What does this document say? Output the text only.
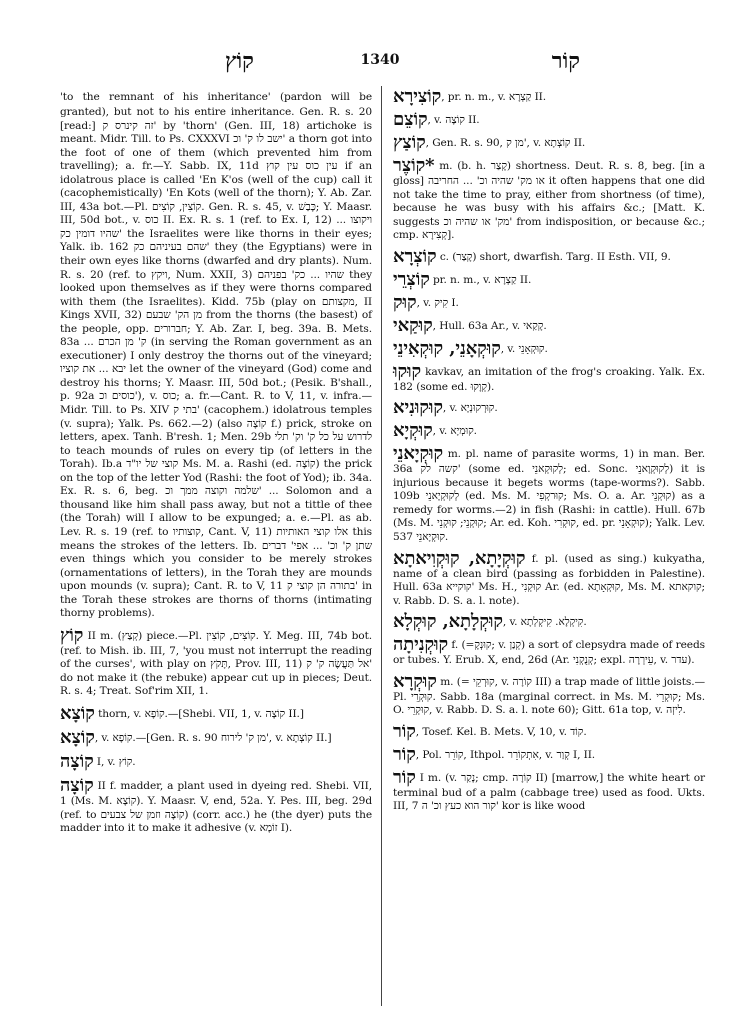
קוֹץ	1340	קוֹר

'to the remnant of his inheritance' (pardon will be granted), but not to his entire inheritance. Gen. R. s. 20 [read:] זה קינרס ק' by 'thorn' (Gen. III, 18) artichoke is meant. Midr. Till. to Ps. CXXXVI ישב לו ק' וכ' a thorn got into the foot of one of them (which prevented him from travelling); a. fr.—Y. Sabb. IX, 11d עין כוס עין קוץ if an idolatrous place is called 'En K'os (well of the cup) call it (cacophemistically) 'En Kots (well of the thorn); Y. Ab. Zar. III, 43a bot.—Pl. קוֹצִין, קוֹצִים. Gen. R. s. 45, v. כָּבַשׁ; Y. Maasr. III, 50d bot., v. כוס II. Ex. R. s. 1 (ref. to Ex. I, 12) ויקוצו ... שהיו דומין כק' the Israelites were like thorns in their eyes; Yalk. ib. 162 שהם בעיניהם כק' they (the Egyptians) were in their own eyes like thorns (dwarfed and dry plants). Num. R. s. 20 (ref. to ויקץ, Num. XXII, 3) שהיו ... כק' בפניהם they looked upon themselves as if they were thorns compared with them (the Israelites). Kidd. 75b (play on מקצותם, II Kings XVII, 32) מן הק' שבעם from the thorns (the basest) of the people, opp. חברורים; Y. Ab. Zar. I, beg. 39a. B. Mets. 83a ... ק' מן הכרם (in serving the Roman government as an executioner) I only destroy the thorns out of the vineyard; יבא ... את קוציו let the owner of the vineyard (God) come and destroy his thorns; Y. Maasr. III, 50d bot.; (Pesik. B'shall., p. 92a כוסים וכ'), v. כוס; a. fr.—Cant. R. to V, 11, v. infra.—Midr. Till. to Ps. XIV בתי ק' (cacophem.) idolatrous temples (v. supra); Yalk. Ps. 662.—2) (also קוֹצָה f.) prick, stroke on letters, apex. Tanh. B'resh. 1; Men. 29b לדרוש על כל ק' וק' תלי to teach mounds of rules on every tip (of letters in the Torah). Ib.a קוצי של יו"ד Ms. M. a. Rashi (ed. קוֹצָה) the prick on the top of the letter Yod (Rashi: the foot of Yod); ib. 34a. Ex. R. s. 6, beg. שלמה וקוצה ממך וכ' ... Solomon and a thousand like him shall pass away, but not a tittle of thee (the Torah) will I allow to be expunged; a. e.—Pl. as ab. Lev. R. s. 19 (ref. to קוצותיו, Cant. V, 11) אלו קוצי האותיות this means the strokes of the letters. Ib. שתן ק' וכ' ... אפי' דברים even things which you consider to be merely strokes (ornamentations of letters), in the Torah they are mounds upon mounds (v. supra); Cant. R. to V, 11 בתורה הן קוצי ק' in the Torah these strokes are thorns of thorns (intimating thorny problems).

קוֹץ II m. (קְצַץ) piece.—Pl. קוֹצִים, קוֹצִין. Y. Meg. III, 74b bot. (ref. to Mish. ib. III, 7, 'you must not interrupt the reading of the curses', with play on תָּקֹץ, Prov. III, 11) אל תַּעֲשֶׂה ק' ק' do not make it (the rebuke) appear cut up in pieces; Deut. R. s. 4; Treat. Sof'rim XII, 1.

קוֹצָא thorn, v. קוֹפָא.—[Shebi. VII, 1, v. קוֹצָה II.]

קוֹצָא, v. קוֹפָא.—[Gen. R. s. 90 מן ק' לירוח', v. קוֹצְתָא II.]

קוֹצָה I, v. קוֹץ.

קוֹצָה II f. madder, a plant used in dyeing red. Shebi. VII, 1 (Ms. M. קוֹצָא). Y. Maasr. V, end, 52a. Y. Pes. III, beg. 29d (ref. to קוֹצָה וזמן של צבעים) (corr. acc.) he (the dyer) puts the madder into it to make it adhesive (v. זוֹמָא I).

קוֹצִירָא, pr. n. m., v. קַצְרָא II.

קוֹצֵם, v. קוֹצָה II.

קוֹצַץ, Gen. R. s. 90, מן ק', v. קוֹצְתָא II.

*קוֹצֶר m. (b. h. קָצַר) shortness. Deut. R. s. 8, beg. [in a gloss] או מק' שהיה וכ' ... החריבה it often happens that one did not take the time to pray, either from shortness (of time), because he was busy with his affairs &c.; [Matt. K. suggests מק' או שהיה וכ' from indisposition, or because &c.; cmp. קְצִירָא].

קוֹצְרָא c. (קָצַר) short, dwarfish. Targ. II Esth. VII, 9.

קוֹצְרֵי pr. n. m., v. קַצְרָא II.

קוּק, v. קִיק I.

קוּקַאי, Hull. 63a Ar., v. קָקַאי.

קוּקְאָנֵי, קוּקְאִינֵי, v. קוּקְאָנֵי.

קוּקוּ kavkav, an imitation of the frog's croaking. Yalk. Ex. 182 (some ed. קְוָקוּ).

קוּקוּנִיא, v. קוּרְקוּנְיָא.

קוּקְיָא, v. קוּמְיָא.

קוּקְיָאנֵי m. pl. name of parasite worms, 1) in man. Ber. 36a קשה לק' (some ed. לְקוּקְאנֵי; ed. Sonc. לְקוּקְוָאנֵי) it is injurious because it begets worms (tape-worms?). Sabb. 109b לְקוּקְיָאנֵי (ed. Ms. M. קוּרקְפִי; Ms. O. a. Ar. קוּקְנֵי) as a remedy for worms.—2) in fish (Rashi: in cattle). Hull. 67b (Ms. M. קוּקְנֵי; קוּקְנֵי; Ar. ed. Koh. קוּקְרִי, ed. pr. קוּקְאָנֵי); Yalk. Lev. 537 קוּקְיָאנֵי.

קוּקְיָתָא, קוּקְוִיאתָא f. pl. (used as sing.) kukyatha, name of a clean bird (passing as forbidden in Palestine). Hull. 63a קוקייא' Ms. H., קוּקְנִי Ar. (ed. קוּקְאָתָא, Ms. M. קוקאתא; v. Rabb. D. S. a. l. note).

קוּקְלָתָא, קוּקְלָא, v. קִיקְלָא. קִיקְלְתָא.

קוּקְנִיתָה f. (=קוּנְקָ; v. קְנַן) a sort of clepsydra made of reeds or tubes. Y. Erub. X, end, 26d (Ar. קְנֻקְנִי; expl. עֵירְרָה, v. עדר).

קוּקְרָא m. (= קוּרְקֵי, v. קוֹרָה III) a trap made of little joists.—Pl. קוּקְרֵי. Sabb. 18a (marginal correct. in Ms. M. קוּקְרֵי; Ms. O. קוּקְרֵי, v. Rabb. D. S. a. l. note 60); Gitt. 61a top, v. לִיזְה.

קוֹר, Tosef. Kel. B. Mets. V, 10, v. קוֹד.

קוֹר, Pol. קוֹרֵר, Ithpol. אִתְקוֹרֵר, v. קְוַר I, II.

קוֹר I m. (v. נָקַר; cmp. קוֹרָה II) [marrow,] the white heart or terminal bud of a palm (cabbage tree) used as food. Ukts. III, 7 קור הוא כעץ וכ' ה' kor is like wood
